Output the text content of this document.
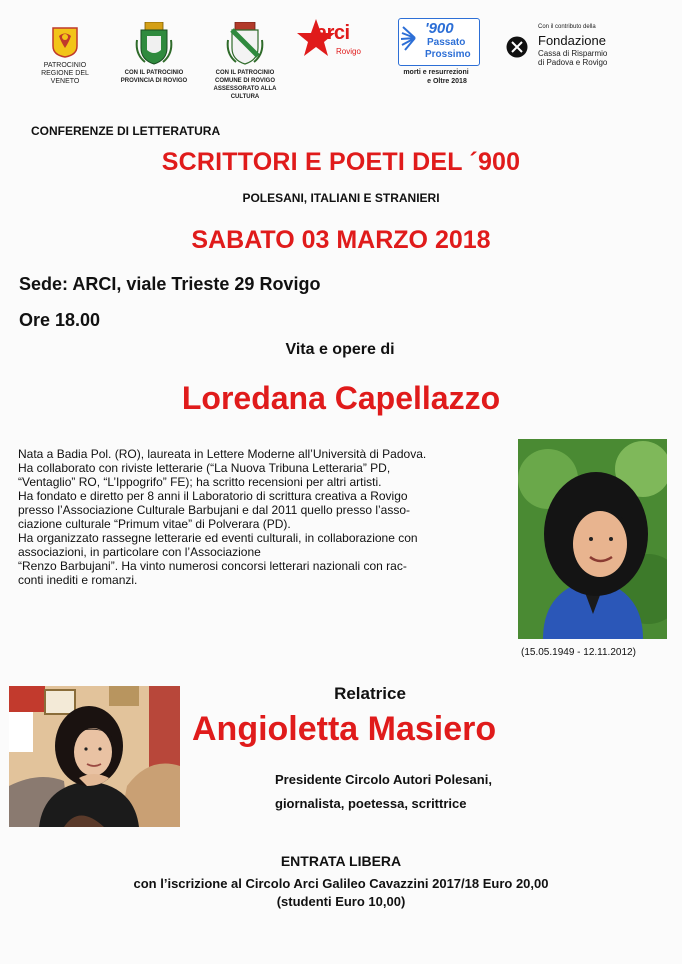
PATROCINIO
REGIONE DEL VENETO
CON IL PATROCINIO
PROVINCIA DI ROVIGO
CON IL PATROCINIO
COMUNE DI ROVIGO
ASSESSORATO ALLA CULTURA
arci
Rovigo
'900
Passato
Prossimo
morti e resurrezioni
e Oltre 2018
Con il contributo della
Fondazione
Cassa di Risparmio
di Padova e Rovigo
CONFERENZE DI LETTERATURA
SCRITTORI E POETI DEL ´900
POLESANI, ITALIANI E STRANIERI
SABATO 03 MARZO 2018
Sede: ARCI, viale Trieste 29 Rovigo
Ore 18.00
Vita e opere di
Loredana Capellazzo
Nata a Badia Pol. (RO), laureata in Lettere Moderne all’Università di Padova.
Ha collaborato con riviste letterarie (“La Nuova Tribuna Letteraria” PD,
“Ventaglio” RO, “L’Ippogrifo” FE); ha scritto recensioni per altri artisti.
Ha fondato e diretto per 8 anni il Laboratorio di scrittura creativa a Rovigo
presso l’Associazione Culturale Barbujani e dal 2011 quello presso l’asso-
ciazione culturale “Primum vitae” di Polverara (PD).
Ha organizzato rassegne letterarie ed eventi culturali, in collaborazione con
associazioni, in particolare con l’Associazione
“Renzo Barbujani”. Ha vinto numerosi concorsi letterari nazionali con rac-
conti inediti e romanzi.
(15.05.1949 - 12.11.2012)
Relatrice
Angioletta Masiero
Presidente Circolo Autori Polesani,
giornalista, poetessa, scrittrice
ENTRATA LIBERA
con l’iscrizione al Circolo Arci Galileo Cavazzini 2017/18 Euro 20,00
(studenti Euro 10,00)
